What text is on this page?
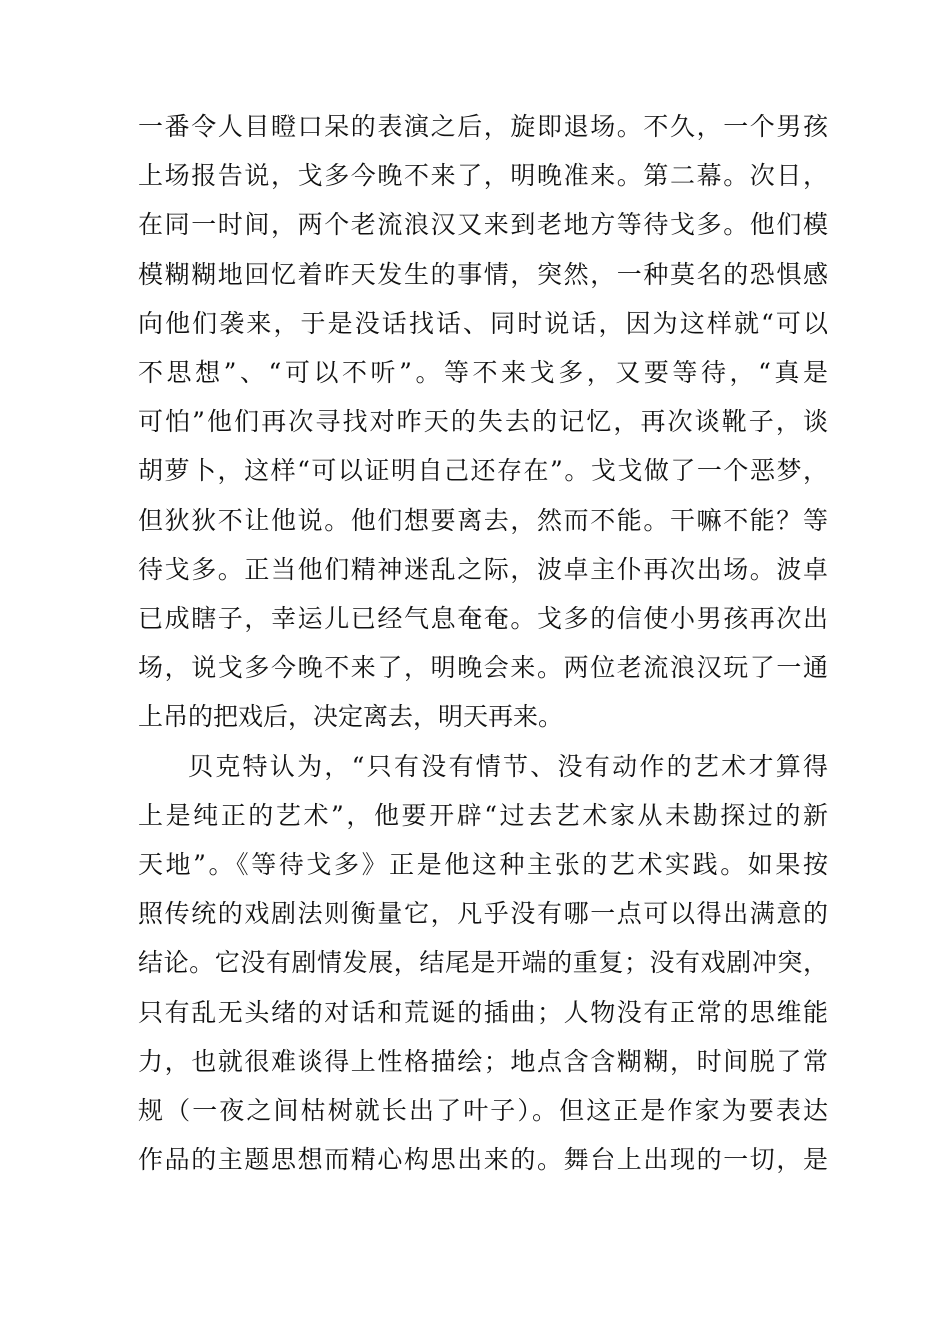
一番令人目瞪口呆的表演之后，旋即退场。不久，一个男孩
上场报告说，戈多今晚不来了，明晚准来。第二幕。次日，
在同一时间，两个老流浪汉又来到老地方等待戈多。他们模
模糊糊地回忆着昨天发生的事情，突然，一种莫名的恐惧感
向他们袭来，于是没话找话、同时说话，因为这样就“可以
不思想”、“可以不听”。等不来戈多，又要等待，“真是
可怕”他们再次寻找对昨天的失去的记忆，再次谈靴子，谈
胡萝卜，这样“可以证明自己还存在”。戈戈做了一个恶梦，
但狄狄不让他说。他们想要离去，然而不能。干嘛不能？等
待戈多。正当他们精神迷乱之际，波卓主仆再次出场。波卓
已成瞎子，幸运儿已经气息奄奄。戈多的信使小男孩再次出
场，说戈多今晚不来了，明晚会来。两位老流浪汉玩了一通
上吊的把戏后，决定离去，明天再来。
贝克特认为，“只有没有情节、没有动作的艺术才算得
上是纯正的艺术”，他要开辟“过去艺术家从未勘探过的新
天地”。《等待戈多》正是他这种主张的艺术实践。如果按
照传统的戏剧法则衡量它，凡乎没有哪一点可以得出满意的
结论。它没有剧情发展，结尾是开端的重复；没有戏剧冲突，
只有乱无头绪的对话和荒诞的插曲；人物没有正常的思维能
力，也就很难谈得上性格描绘；地点含含糊糊，时间脱了常
规（一夜之间枯树就长出了叶子）。但这正是作家为要表达
作品的主题思想而精心构思出来的。舞台上出现的一切，是
